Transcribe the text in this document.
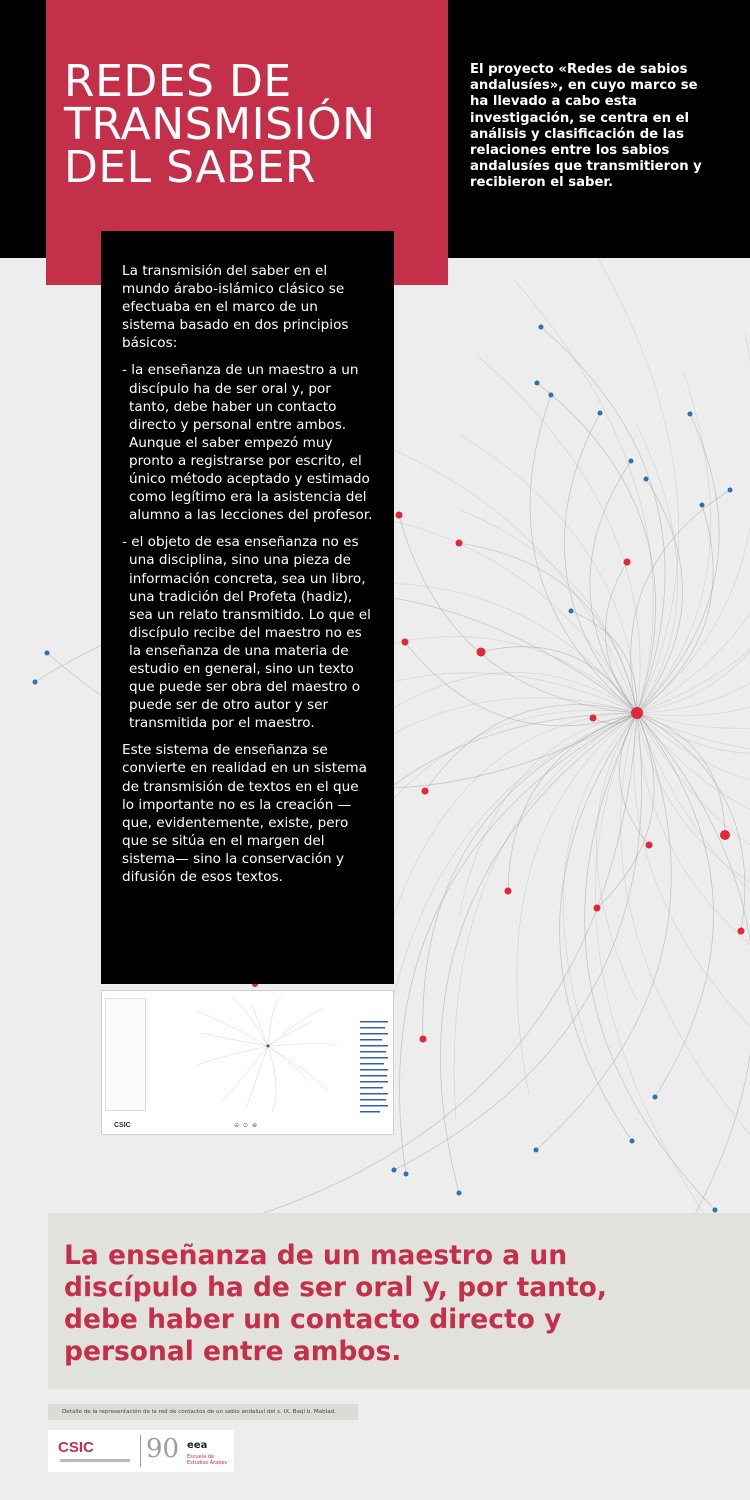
REDES DE TRANSMISIÓN DEL SABER

El proyecto «Redes de sabios andalusíes», en cuyo marco se ha llevado a cabo esta investigación, se centra en el análisis y clasificación de las relaciones entre los sabios andalusíes que transmitieron y recibieron el saber.

La transmisión del saber en el mundo árabo-islámico clásico se efectuaba en el marco de un sistema basado en dos principios básicos:

- la enseñanza de un maestro a un discípulo ha de ser oral y, por tanto, debe haber un contacto directo y personal entre ambos. Aunque el saber empezó muy pronto a registrarse por escrito, el único método aceptado y estimado como legítimo era la asistencia del alumno a las lecciones del profesor.

- el objeto de esa enseñanza no es una disciplina, sino una pieza de información concreta, sea un libro, una tradición del Profeta (hadiz), sea un relato transmitido. Lo que el discípulo recibe del maestro no es la enseñanza de una materia de estudio en general, sino un texto que puede ser obra del maestro o puede ser de otro autor y ser transmitida por el maestro.

Este sistema de enseñanza se convierte en realidad en un sistema de transmisión de textos en el que lo importante no es la creación —que, evidentemente, existe, pero que se sitúa en el margen del sistema— sino la conservación y difusión de esos textos.

CSIC	⊖ ⊙ ⊕

La enseñanza de un maestro a un discípulo ha de ser oral y, por tanto, debe haber un contacto directo y personal entre ambos.

Detalle de la representación de la red de contactos de un sabio andalusí del s. IX, Baqī b. Maḫlad.

CSIC 90 eea
Escuela de Estudios Árabes
